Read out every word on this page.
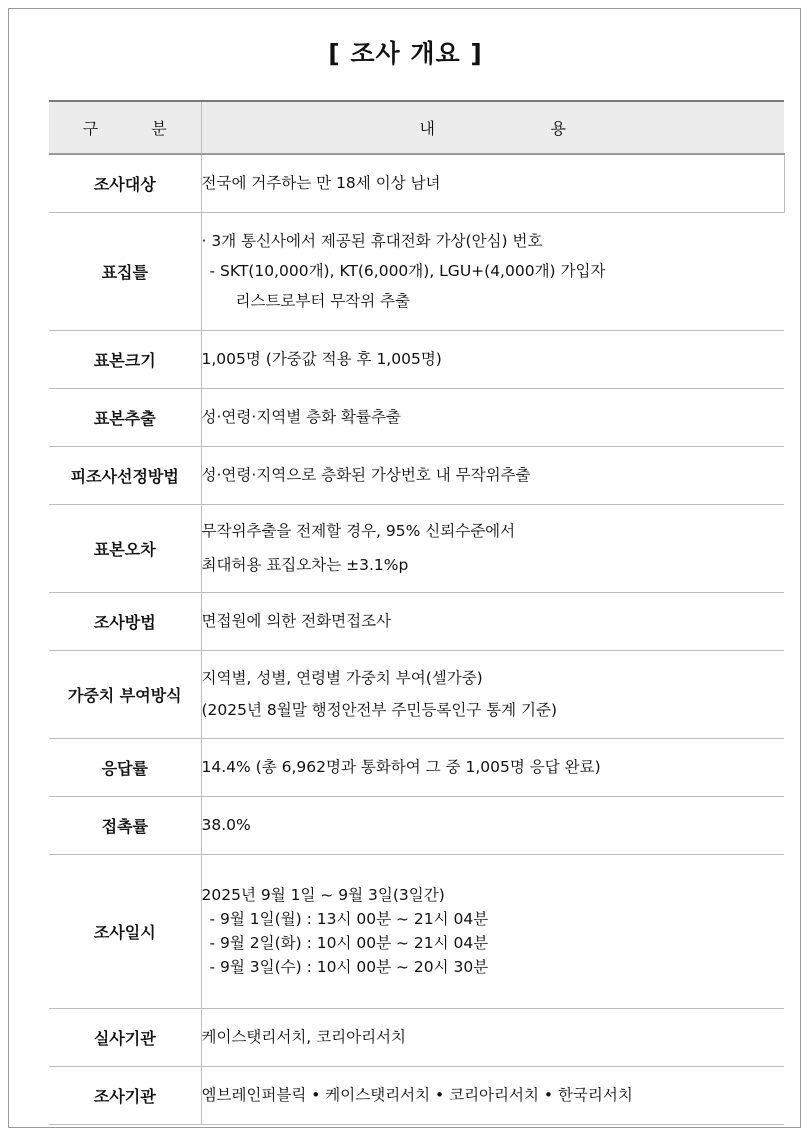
[ 조사 개요 ]
구 분	내 용

조사대상	전국에 거주하는 만 18세 이상 남녀

표집틀	· 3개 통신사에서 제공된 휴대전화 가상(안심) 번호
- SKT(10,000개), KT(6,000개), LGU+(4,000개) 가입자
리스트로부터 무작위 추출

표본크기	1,005명 (가중값 적용 후 1,005명)

표본추출	성·연령·지역별 층화 확률추출

피조사선정방법	성·연령·지역으로 층화된 가상번호 내 무작위추출

표본오차	무작위추출을 전제할 경우, 95% 신뢰수준에서
최대허용 표집오차는 ±3.1%p

조사방법	면접원에 의한 전화면접조사

가중치 부여방식	지역별, 성별, 연령별 가중치 부여(셀가중)
(2025년 8월말 행정안전부 주민등록인구 통계 기준)

응답률	14.4% (총 6,962명과 통화하여 그 중 1,005명 응답 완료)

접촉률	38.0%

조사일시	2025년 9월 1일 ~ 9월 3일(3일간)
- 9월 1일(월) : 13시 00분 ~ 21시 04분
- 9월 2일(화) : 10시 00분 ~ 21시 04분
- 9월 3일(수) : 10시 00분 ~ 20시 30분

실사기관	케이스탯리서치, 코리아리서치

조사기관	엠브레인퍼블릭 • 케이스탯리서치 • 코리아리서치 • 한국리서치
